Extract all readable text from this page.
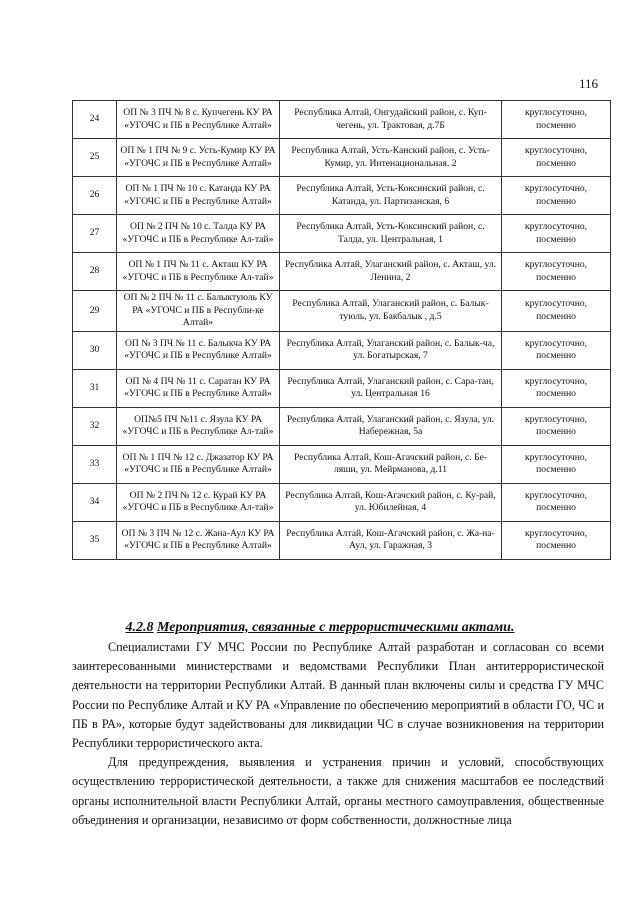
116
24	ОП № 3 ПЧ № 8 с. Купчегень КУ РА «УГОЧС и ПБ в Республике Алтай»	Республика Алтай, Онгудайский район, с. Куп-чегень, ул. Трактовая, д.7Б	круглосуточно, посменно
25	ОП № 1 ПЧ № 9 с. Усть-Кумир КУ РА «УГОЧС и ПБ в Республике Алтай»	Республика Алтай, Усть-Канский район, с. Усть-Кумир, ул. Интенациональная. 2	круглосуточно, посменно
26	ОП № 1 ПЧ № 10 с. Катанда КУ РА «УГОЧС и ПБ в Республике Алтай»	Республика Алтай, Усть-Коксинский район, с. Катанда, ул. Партизанская, 6	круглосуточно, посменно
27	ОП № 2 ПЧ № 10 с. Талда КУ РА «УГОЧС и ПБ в Республике Ал-тай»	Республика Алтай, Усть-Коксинский район, с. Талда, ул. Центральная, 1	круглосуточно, посменно
28	ОП № 1 ПЧ № 11 с. Акташ КУ РА «УГОЧС и ПБ в Республике Ал-тай»	Республика Алтай, Улаганский район, с. Акташ, ул. Ленина, 2	круглосуточно, посменно
29	ОП № 2 ПЧ № 11 с. Балыктуюль КУ РА «УГОЧС и ПБ в Республи-ке Алтай»	Республика Алтай, Улаганский район, с. Балык-туюль, ул. Бакбалык , д.5	круглосуточно, посменно
30	ОП № 3 ПЧ № 11 с. Балыкча КУ РА «УГОЧС и ПБ в Республике Алтай»	Республика Алтай, Улаганский район, с. Балык-ча, ул. Богатырская, 7	круглосуточно, посменно
31	ОП № 4 ПЧ № 11 с. Саратан КУ РА «УГОЧС и ПБ в Республике Алтай»	Республика Алтай, Улаганский район, с. Сара-тан, ул. Центральная 16	круглосуточно, посменно
32	ОП№5 ПЧ №11 с. Язула КУ РА «УГОЧС и ПБ в Республике Ал-тай»	Республика Алтай, Улаганский район, с. Язула, ул. Набережная, 5а	круглосуточно, посменно
33	ОП № 1 ПЧ № 12 с. Джазатор КУ РА «УГОЧС и ПБ в Республике Алтай»	Республика Алтай, Кош-Агачский район, с. Бе-ляши, ул. Мейрманова, д.11	круглосуточно, посменно
34	ОП № 2 ПЧ № 12 с. Курай КУ РА «УГОЧС и ПБ в Республике Ал-тай»	Республика Алтай, Кош-Агачский район, с. Ку-рай, ул. Юбилейная, 4	круглосуточно, посменно
35	ОП № 3 ПЧ № 12 с. Жана-Аул КУ РА «УГОЧС и ПБ в Республике Алтай»	Республика Алтай, Кош-Агачский район, с. Жа-на-Аул, ул. Гаражная, 3	круглосуточно, посменно
4.2.8 Мероприятия, связанные с террористическими актами.

Специалистами ГУ МЧС России по Республике Алтай разработан и согласован со всеми заинтересованными министерствами и ведомствами Республики План антитеррористической деятельности на территории Республики Алтай. В данный план включены силы и средства ГУ МЧС России по Республике Алтай и КУ РА «Управление по обеспечению мероприятий в области ГО, ЧС и ПБ в РА», которые будут задействованы для ликвидации ЧС в случае возникновения на территории Республики террористического акта.

Для предупреждения, выявления и устранения причин и условий, способствующих осуществлению террористической деятельности, а также для снижения масштабов ее последствий органы исполнительной власти Республики Алтай, органы местного самоуправления, общественные объединения и организации, независимо от форм собственности, должностные лица
